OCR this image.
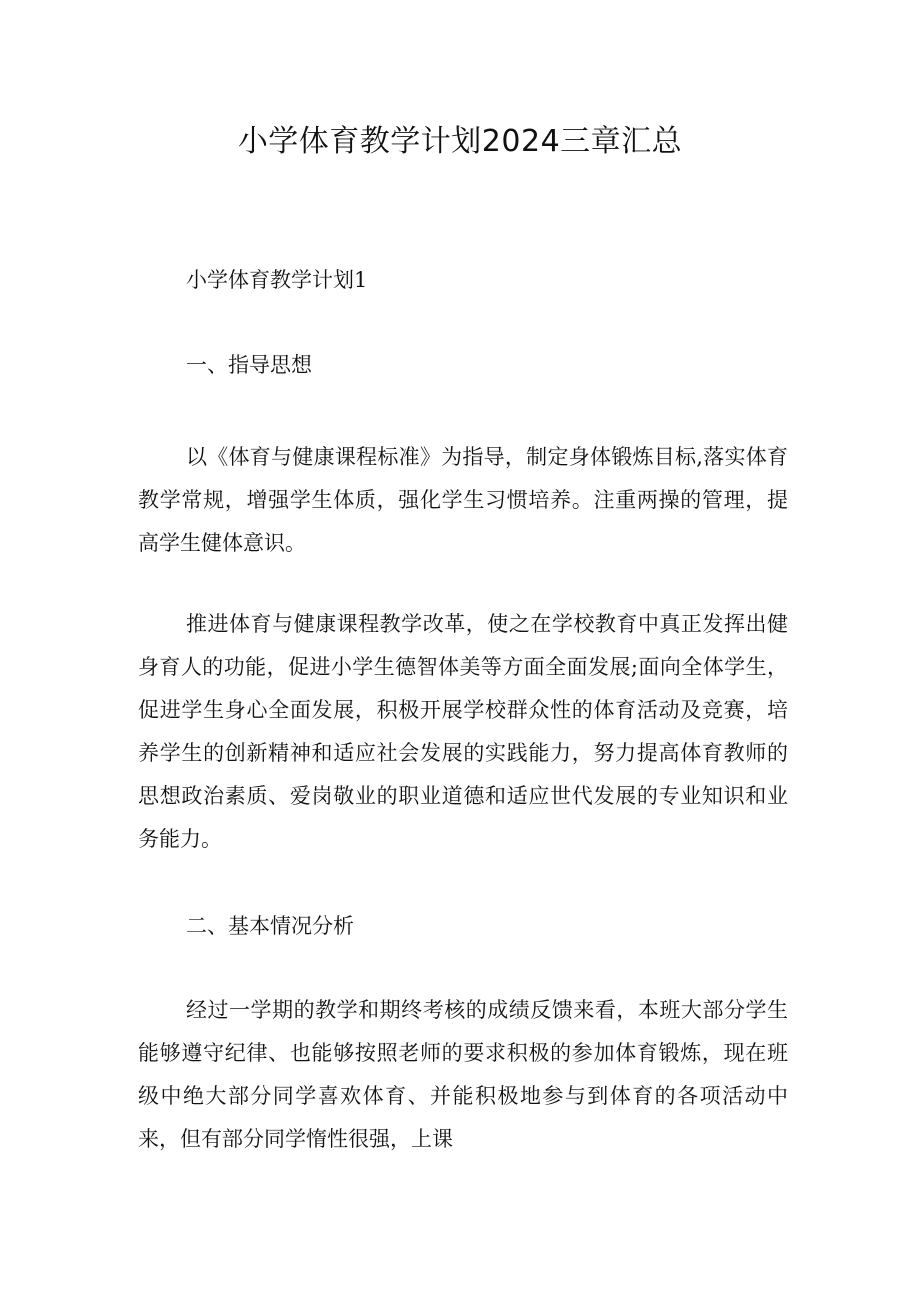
小学体育教学计划2024三章汇总

小学体育教学计划1

一、指导思想

以《体育与健康课程标准》为指导，制定身体锻炼目标,落实体育教学常规，增强学生体质，强化学生习惯培养。注重两操的管理，提高学生健体意识。

推进体育与健康课程教学改革，使之在学校教育中真正发挥出健身育人的功能，促进小学生德智体美等方面全面发展;面向全体学生，促进学生身心全面发展，积极开展学校群众性的体育活动及竞赛，培养学生的创新精神和适应社会发展的实践能力，努力提高体育教师的思想政治素质、爱岗敬业的职业道德和适应世代发展的专业知识和业务能力。

二、基本情况分析

经过一学期的教学和期终考核的成绩反馈来看，本班大部分学生能够遵守纪律、也能够按照老师的要求积极的参加体育锻炼，现在班级中绝大部分同学喜欢体育、并能积极地参与到体育的各项活动中来，但有部分同学惰性很强，上课
